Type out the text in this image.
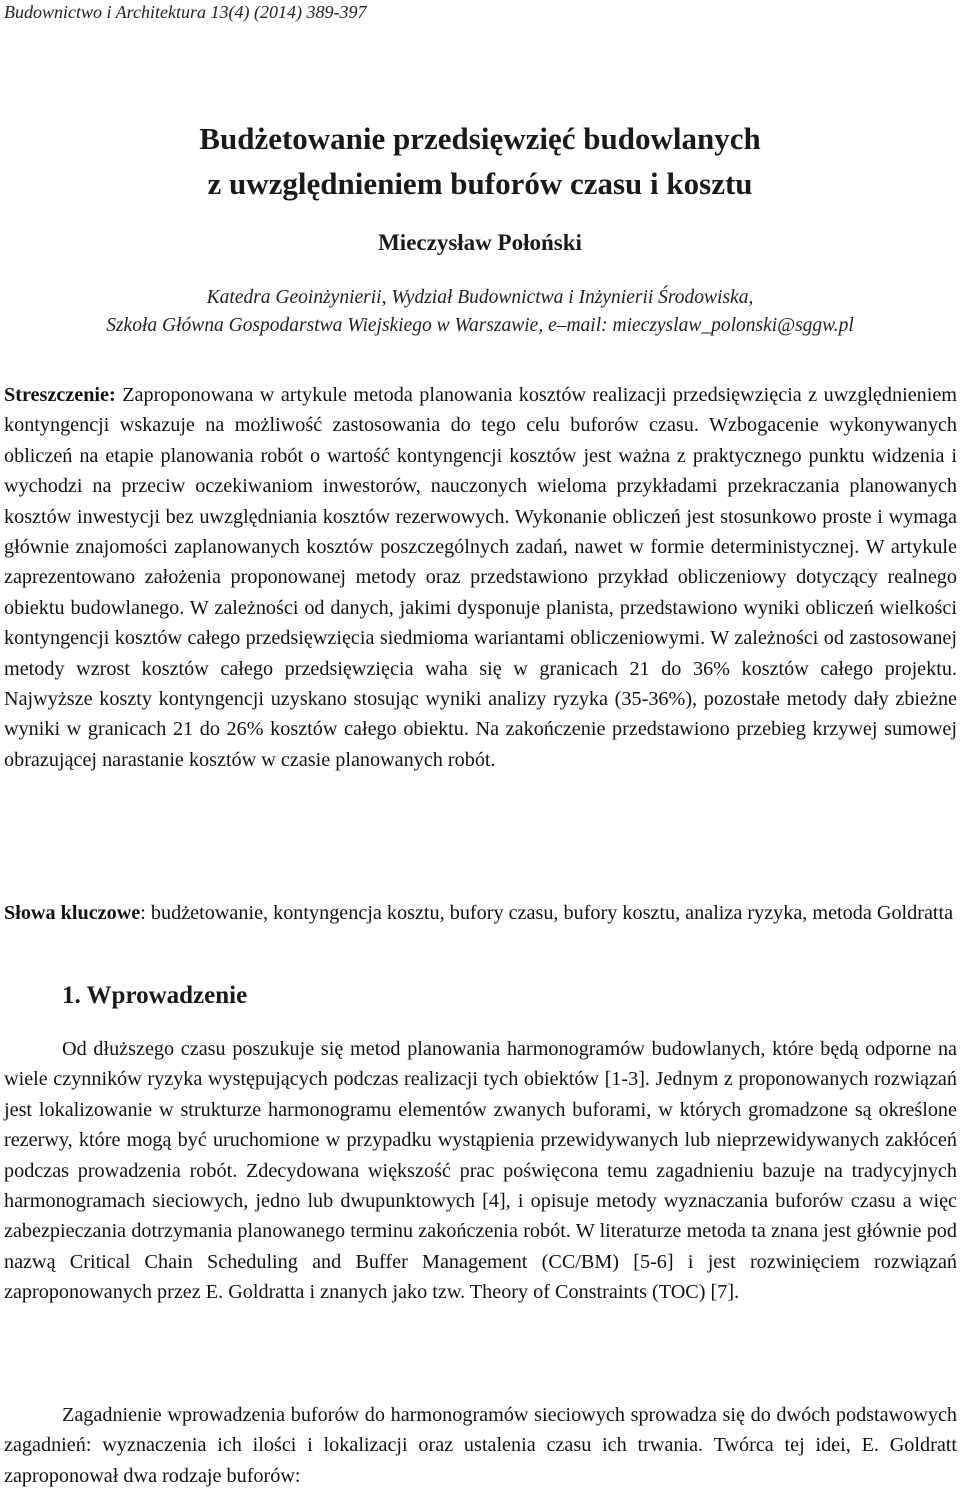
Budownictwo i Architektura 13(4) (2014) 389-397
Budżetowanie przedsięwzięć budowlanych
z uwzględnieniem buforów czasu i kosztu
Mieczysław Połoński
Katedra Geoinżynierii, Wydział Budownictwa i Inżynierii Środowiska,
Szkoła Główna Gospodarstwa Wiejskiego w Warszawie, e–mail: mieczyslaw_polonski@sggw.pl
Streszczenie: Zaproponowana w artykule metoda planowania kosztów realizacji przedsięwzięcia z uwzględnieniem kontyngencji wskazuje na możliwość zastosowania do tego celu buforów czasu. Wzbogacenie wykonywanych obliczeń na etapie planowania robót o wartość kontyngencji kosztów jest ważna z praktycznego punktu widzenia i wychodzi na przeciw oczekiwaniom inwestorów, nauczonych wieloma przykładami przekraczania planowanych kosztów inwestycji bez uwzględniania kosztów rezerwowych. Wykonanie obliczeń jest stosunkowo proste i wymaga głównie znajomości zaplanowanych kosztów poszczególnych zadań, nawet w formie deterministycznej. W artykule zaprezentowano założenia proponowanej metody oraz przedstawiono przykład obliczeniowy dotyczący realnego obiektu budowlanego. W zależności od danych, jakimi dysponuje planista, przedstawiono wyniki obliczeń wielkości kontyngencji kosztów całego przedsięwzięcia siedmioma wariantami obliczeniowymi. W zależności od zastosowanej metody wzrost kosztów całego przedsięwzięcia waha się w granicach 21 do 36% kosztów całego projektu. Najwyższe koszty kontyngencji uzyskano stosując wyniki analizy ryzyka (35-36%), pozostałe metody dały zbieżne wyniki w granicach 21 do 26% kosztów całego obiektu. Na zakończenie przedstawiono przebieg krzywej sumowej obrazującej narastanie kosztów w czasie planowanych robót.
Słowa kluczowe: budżetowanie, kontyngencja kosztu, bufory czasu, bufory kosztu, analiza ryzyka, metoda Goldratta
1. Wprowadzenie
Od dłuższego czasu poszukuje się metod planowania harmonogramów budowlanych, które będą odporne na wiele czynników ryzyka występujących podczas realizacji tych obiektów [1-3]. Jednym z proponowanych rozwiązań jest lokalizowanie w strukturze harmonogramu elementów zwanych buforami, w których gromadzone są określone rezerwy, które mogą być uruchomione w przypadku wystąpienia przewidywanych lub nieprzewidywanych zakłóceń podczas prowadzenia robót. Zdecydowana większość prac poświęcona temu zagadnieniu bazuje na tradycyjnych harmonogramach sieciowych, jedno lub dwupunktowych [4], i opisuje metody wyznaczania buforów czasu a więc zabezpieczania dotrzymania planowanego terminu zakończenia robót. W literaturze metoda ta znana jest głównie pod nazwą Critical Chain Scheduling and Buffer Management (CC/BM) [5-6] i jest rozwinięciem rozwiązań zaproponowanych przez E. Goldratta i znanych jako tzw. Theory of Constraints (TOC) [7].
Zagadnienie wprowadzenia buforów do harmonogramów sieciowych sprowadza się do dwóch podstawowych zagadnień: wyznaczenia ich ilości i lokalizacji oraz ustalenia czasu ich trwania. Twórca tej idei, E. Goldratt zaproponował dwa rodzaje buforów:
